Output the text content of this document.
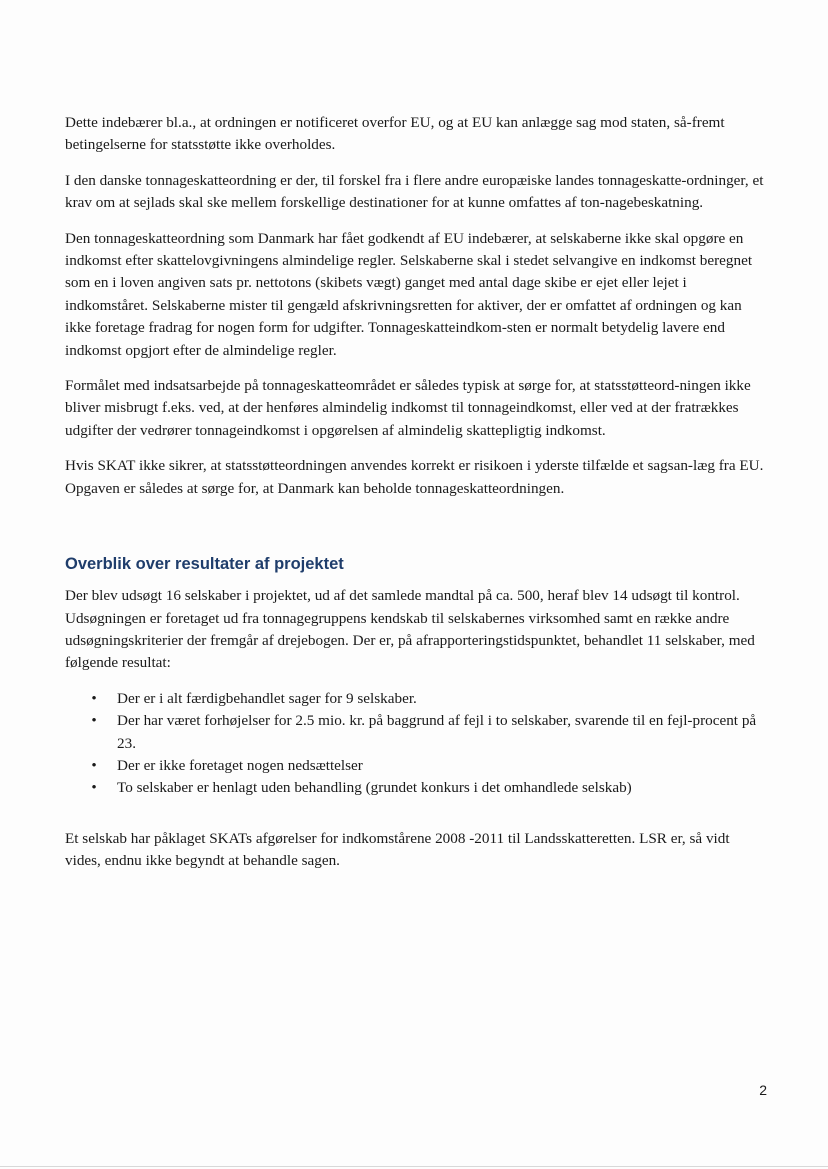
Dette indebærer bl.a., at ordningen er notificeret overfor EU, og at EU kan anlægge sag mod staten, så-fremt betingelserne for statsstøtte ikke overholdes.

I den danske tonnageskatteordning er der, til forskel fra i flere andre europæiske landes tonnageskatte-ordninger, et krav om at sejlads skal ske mellem forskellige destinationer for at kunne omfattes af ton-nagebeskatning.

Den tonnageskatteordning som Danmark har fået godkendt af EU indebærer, at selskaberne ikke skal opgøre en indkomst efter skattelovgivningens almindelige regler. Selskaberne skal i stedet selvangive en indkomst beregnet som en i loven angiven sats pr. nettotons (skibets vægt) ganget med antal dage skibe er ejet eller lejet i indkomståret. Selskaberne mister til gengæld afskrivningsretten for aktiver, der er omfattet af ordningen og kan ikke foretage fradrag for nogen form for udgifter. Tonnageskatteindkom-sten er normalt betydelig lavere end indkomst opgjort efter de almindelige regler.

Formålet med indsatsarbejde på tonnageskatteområdet er således typisk at sørge for, at statsstøtteord-ningen ikke bliver misbrugt f.eks. ved, at der henføres almindelig indkomst til tonnageindkomst, eller ved at der fratrækkes udgifter der vedrører tonnageindkomst i opgørelsen af almindelig skattepligtig indkomst.

Hvis SKAT ikke sikrer, at statsstøtteordningen anvendes korrekt er risikoen i yderste tilfælde et sagsan-læg fra EU. Opgaven er således at sørge for, at Danmark kan beholde tonnageskatteordningen.

Overblik over resultater af projektet

Der blev udsøgt 16 selskaber i projektet, ud af det samlede mandtal på ca. 500, heraf blev 14 udsøgt til kontrol. Udsøgningen er foretaget ud fra tonnagegruppens kendskab til selskabernes virksomhed samt en række andre udsøgningskriterier der fremgår af drejebogen. Der er, på afrapporteringstidspunktet, behandlet 11 selskaber, med følgende resultat:

• Der er i alt færdigbehandlet sager for 9 selskaber.
• Der har været forhøjelser for 2.5 mio. kr. på baggrund af fejl i to selskaber, svarende til en fejl-procent på 23.
• Der er ikke foretaget nogen nedsættelser
• To selskaber er henlagt uden behandling (grundet konkurs i det omhandlede selskab)

Et selskab har påklaget SKATs afgørelser for indkomstårene 2008 -2011 til Landsskatteretten. LSR er, så vidt vides, endnu ikke begyndt at behandle sagen.

2
